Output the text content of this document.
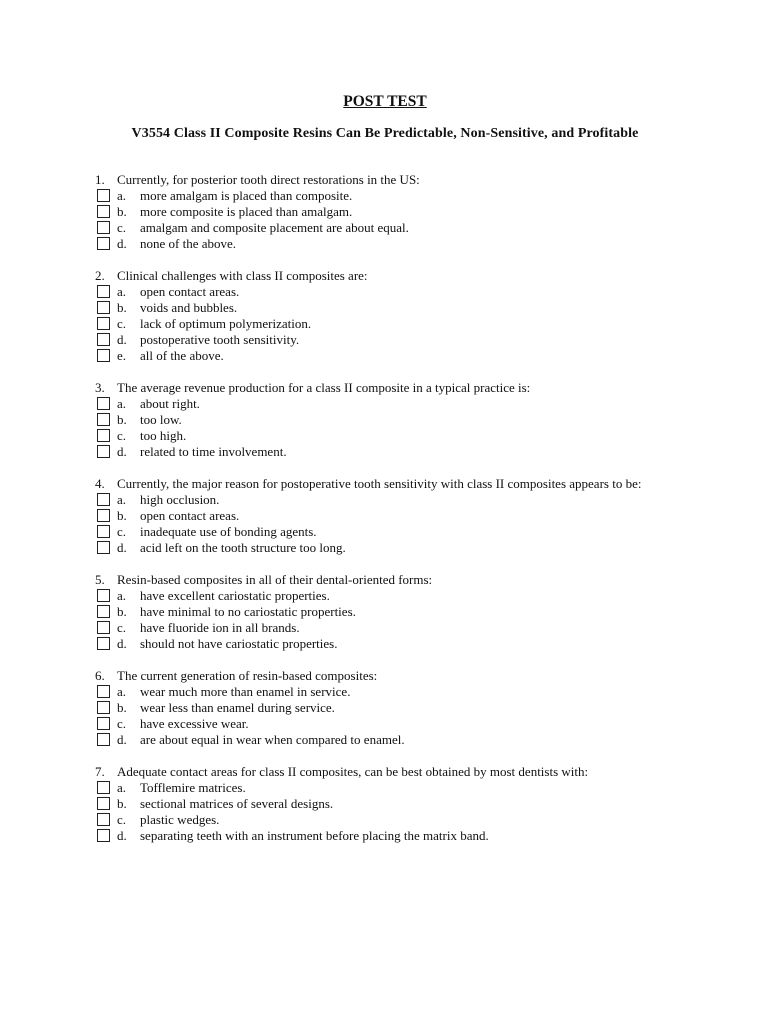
POST TEST
V3554 Class II Composite Resins Can Be Predictable, Non-Sensitive, and Profitable
1. Currently, for posterior tooth direct restorations in the US:
a. more amalgam is placed than composite.
b. more composite is placed than amalgam.
c. amalgam and composite placement are about equal.
d. none of the above.
2. Clinical challenges with class II composites are:
a. open contact areas.
b. voids and bubbles.
c. lack of optimum polymerization.
d. postoperative tooth sensitivity.
e. all of the above.
3. The average revenue production for a class II composite in a typical practice is:
a. about right.
b. too low.
c. too high.
d. related to time involvement.
4. Currently, the major reason for postoperative tooth sensitivity with class II composites appears to be:
a. high occlusion.
b. open contact areas.
c. inadequate use of bonding agents.
d. acid left on the tooth structure too long.
5. Resin-based composites in all of their dental-oriented forms:
a. have excellent cariostatic properties.
b. have minimal to no cariostatic properties.
c. have fluoride ion in all brands.
d. should not have cariostatic properties.
6. The current generation of resin-based composites:
a. wear much more than enamel in service.
b. wear less than enamel during service.
c. have excessive wear.
d. are about equal in wear when compared to enamel.
7. Adequate contact areas for class II composites, can be best obtained by most dentists with:
a. Tofflemire matrices.
b. sectional matrices of several designs.
c. plastic wedges.
d. separating teeth with an instrument before placing the matrix band.
